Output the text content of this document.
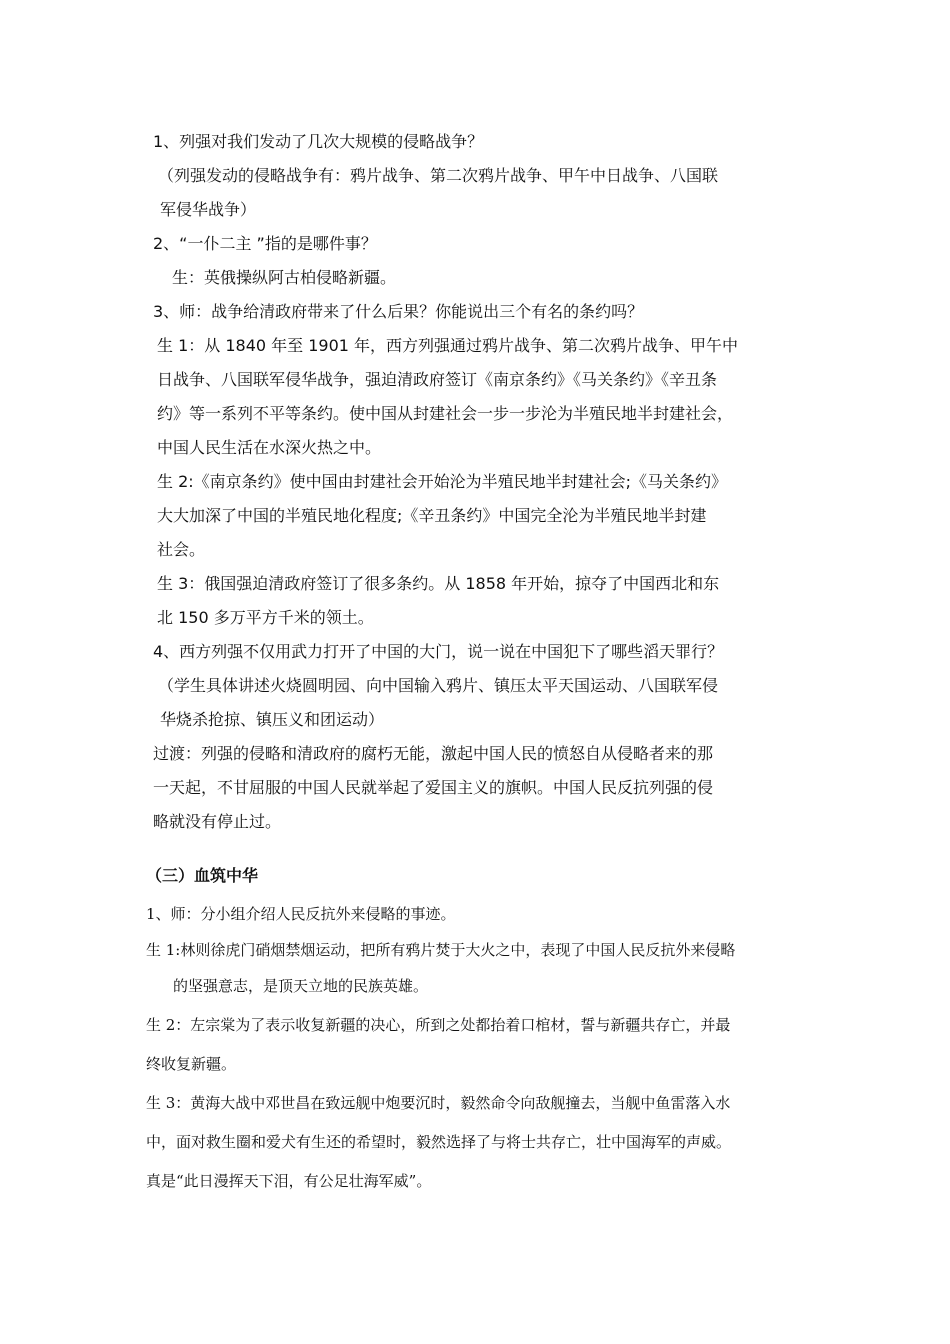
1、列强对我们发动了几次大规模的侵略战争？
（列强发动的侵略战争有：鸦片战争、第二次鸦片战争、甲午中日战争、八国联
军侵华战争）
2、“一仆二主 ”指的是哪件事？
生：英俄操纵阿古柏侵略新疆。
3、师：战争给清政府带来了什么后果？你能说出三个有名的条约吗？
生 1：从 1840 年至 1901 年，西方列强通过鸦片战争、第二次鸦片战争、甲午中
日战争、八国联军侵华战争，强迫清政府签订《南京条约》《马关条约》《辛丑条
约》等一系列不平等条约。使中国从封建社会一步一步沦为半殖民地半封建社会，
中国人民生活在水深火热之中。
生 2:《南京条约》使中国由封建社会开始沦为半殖民地半封建社会;《马关条约》
大大加深了中国的半殖民地化程度;《辛丑条约》中国完全沦为半殖民地半封建
社会。
生 3：俄国强迫清政府签订了很多条约。从 1858 年开始，掠夺了中国西北和东
北 150 多万平方千米的领土。
4、西方列强不仅用武力打开了中国的大门，说一说在中国犯下了哪些滔天罪行？
（学生具体讲述火烧圆明园、向中国输入鸦片、镇压太平天国运动、八国联军侵
华烧杀抢掠、镇压义和团运动）
过渡：列强的侵略和清政府的腐朽无能，激起中国人民的愤怒自从侵略者来的那
一天起，不甘屈服的中国人民就举起了爱国主义的旗帜。中国人民反抗列强的侵
略就没有停止过。
（三）血筑中华
1、师：分小组介绍人民反抗外来侵略的事迹。
生 1:林则徐虎门硝烟禁烟运动，把所有鸦片焚于大火之中，表现了中国人民反抗外来侵略
的坚强意志，是顶天立地的民族英雄。
生 2：左宗棠为了表示收复新疆的决心，所到之处都抬着口棺材，誓与新疆共存亡，并最
终收复新疆。
生 3：黄海大战中邓世昌在致远舰中炮要沉时，毅然命令向敌舰撞去，当舰中鱼雷落入水
中，面对救生圈和爱犬有生还的希望时，毅然选择了与将士共存亡，壮中国海军的声威。
真是“此日漫挥天下泪，有公足壮海军威”。
